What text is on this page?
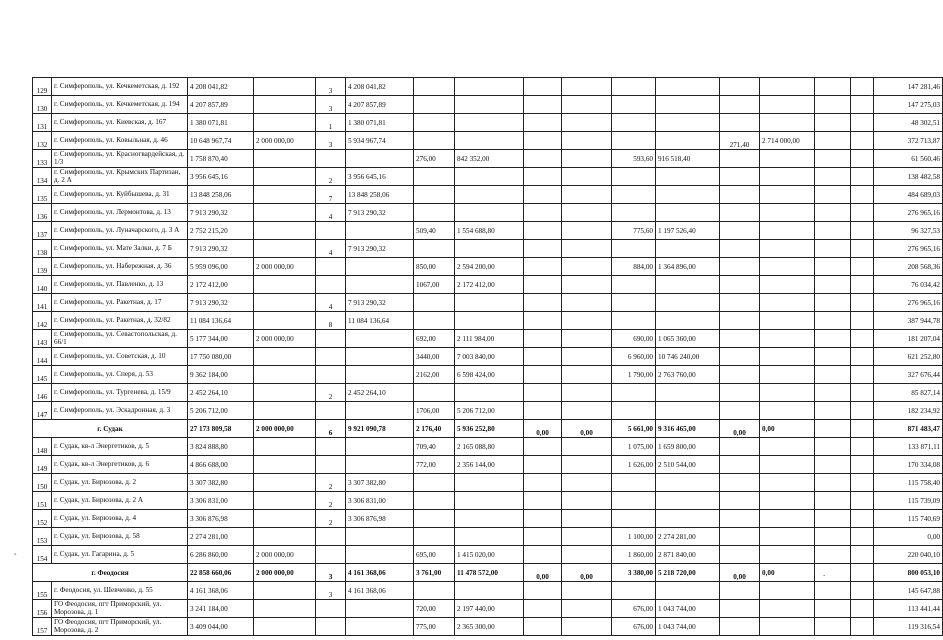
129	г. Симферополь, ул. Кечкеметская, д. 192	4 208 041,82		3	4 208 041,82											147 281,46
130	г. Симферополь, ул. Кечкеметская, д. 194	4 207 857,89		3	4 207 857,89											147 275,03
131	г. Симферополь, ул. Киевская, д. 167	1 380 071,81		1	1 380 071,81											48 302,51
132	г. Симферополь, ул. Ковыльная, д. 46	10 648 967,74	2 000 000,00	3	5 934 967,74							271,40	2 714 000,00			372 713,87
133	г. Симферополь, ул. Красногвардейская, д. 1/3	1 758 870,40				276,00	842 352,00			593,60	916 518,40					61 560,46
134	г. Симферополь, ул. Крымских Партизан, д. 2 А	3 956 645,16		2	3 956 645,16											138 482,58
135	г. Симферополь, ул. Куйбышева, д. 31	13 848 258,06		7	13 848 258,06											484 689,03
136	г. Симферополь, ул. Лермонтова, д. 13	7 913 290,32		4	7 913 290,32											276 965,16
137	г. Симферополь, ул. Луначарского, д. 3 А	2 752 215,20				509,40	1 554 688,80			775,60	1 197 526,40					96 327,53
138	г. Симферополь, ул. Мате Залки, д. 7 Б	7 913 290,32		4	7 913 290,32											276 965,16
139	г. Симферополь, ул. Набережная, д. 36	5 959 096,00	2 000 000,00			850,00	2 594 200,00			884,00	1 364 896,00					208 568,36
140	г. Симферополь, ул. Павленко, д. 13	2 172 412,00				1067,00	2 172 412,00									76 034,42
141	г. Симферополь, ул. Ракетная, д. 17	7 913 290,32		4	7 913 290,32											276 965,16
142	г. Симферополь, ул. Ракетная, д. 32/82	11 084 136,64		8	11 084 136,64											387 944,78
143	г. Симферополь, ул. Севастопольская, д. 66/1	5 177 344,00	2 000 000,00			692,00	2 111 984,00			690,00	1 065 360,00					181 207,04
144	г. Симферополь, ул. Советская, д. 10	17 750 080,00				3440,00	7 003 840,00			6 960,00	10 746 240,00					621 252,80
145	г. Симферополь, ул. Сперя, д. 53	9 362 184,00				2162,00	6 598 424,00			1 790,00	2 763 760,00					327 676,44
146	г. Симферополь, ул. Тургенева, д. 15/9	2 452 264,10		2	2 452 264,10											85 827,14
147	г. Симферополь, ул. Эскадронная, д. 3	5 206 712,00				1706,00	5 206 712,00									182 234,92
г. Судак		27 173 809,58	2 000 000,00	6	9 921 090,78	2 176,40	5 936 252,80	0,00	0,00	5 661,00	9 316 465,00	0,00	0,00			871 483,47
148	г. Судак, кв-л Энергетиков, д. 5	3 824 888,80				709,40	2 165 088,80			1 075,00	1 659 800,00					133 871,11
149	г. Судак, кв-л Энергетиков, д. 6	4 866 688,00				772,00	2 356 144,00			1 626,00	2 510 544,00					170 334,08
150	г. Судак, ул. Бирюзова, д. 2	3 307 382,80		2	3 307 382,80											115 758,40
151	г. Судак, ул. Бирюзова, д. 2 А	3 306 831,00		2	3 306 831,00											115 739,09
152	г. Судак, ул. Бирюзова, д. 4	3 306 876,98		2	3 306 876,98											115 740,69
153	г. Судак, ул. Бирюзова, д. 58	2 274 281,00								1 100,00	2 274 281,00					0,00
154	г. Судак, ул. Гагарина, д. 5	6 286 860,00	2 000 000,00			695,00	1 415 020,00			1 860,00	2 871 840,00					220 040,10
г. Феодосия		22 858 660,06	2 000 000,00	3	4 161 368,06	3 761,00	11 478 572,00	0,00	0,00	3 380,00	5 218 720,00	0,00	0,00			800 053,10
155	г. Феодосия, ул. Шевченко, д. 55	4 161 368,06		3	4 161 368,06											145 647,88
156	ГО Феодосия, пгт Приморский, ул. Морозова, д. 1	3 241 184,00				720,00	2 197 440,00			676,00	1 043 744,00					113 441,44
157	ГО Феодосия, пгт Приморский, ул. Морозова, д. 2	3 409 044,00				775,00	2 365 300,00			676,00	1 043 744,00					119 316,54
.
˛
.
